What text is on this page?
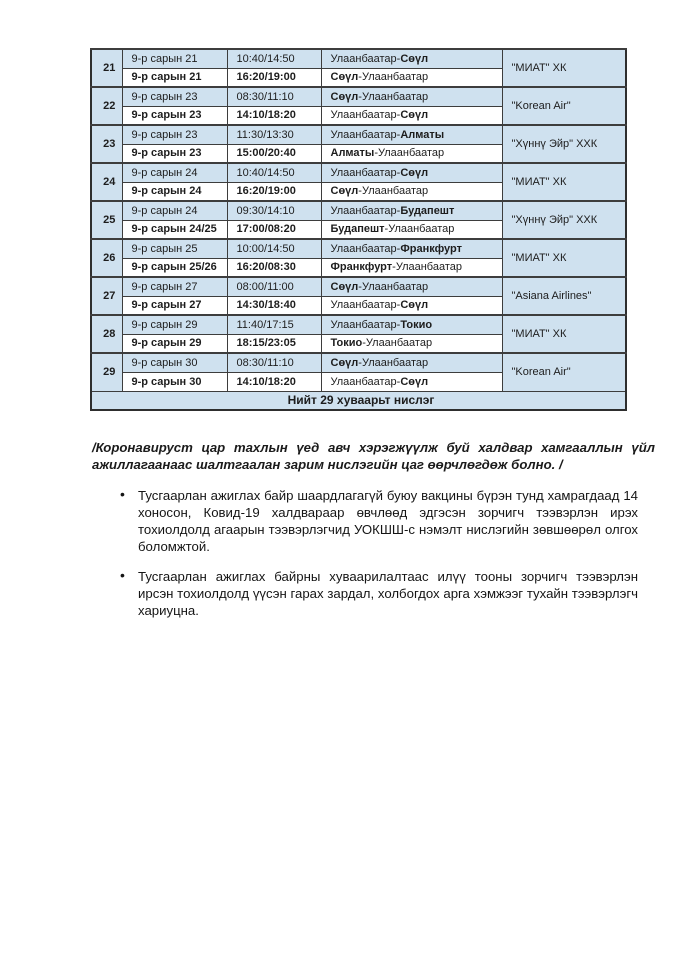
21	9-р сарын 21	10:40/14:50	Улаанбаатар-Сөүл	"МИАТ" ХК
	9-р сарын 21	16:20/19:00	Сөүл-Улаанбаатар	
22	9-р сарын 23	08:30/11:10	Сөүл-Улаанбаатар	"Korean Air"
	9-р сарын 23	14:10/18:20	Улаанбаатар-Сөүл	
23	9-р сарын 23	11:30/13:30	Улаанбаатар-Алматы	"Хүннү Эйр" ХХК
	9-р сарын 23	15:00/20:40	Алматы-Улаанбаатар	
24	9-р сарын 24	10:40/14:50	Улаанбаатар-Сөүл	"МИАТ" ХК
	9-р сарын 24	16:20/19:00	Сөүл-Улаанбаатар	
25	9-р сарын 24	09:30/14:10	Улаанбаатар-Будапешт	"Хүннү Эйр" ХХК
	9-р сарын 24/25	17:00/08:20	Будапешт-Улаанбаатар	
26	9-р сарын 25	10:00/14:50	Улаанбаатар-Франкфурт	"МИАТ" ХК
	9-р сарын 25/26	16:20/08:30	Франкфурт-Улаанбаатар	
27	9-р сарын 27	08:00/11:00	Сөүл-Улаанбаатар	"Asiana Airlines"
	9-р сарын 27	14:30/18:40	Улаанбаатар-Сөүл	
28	9-р сарын 29	11:40/17:15	Улаанбаатар-Токио	"МИАТ" ХК
	9-р сарын 29	18:15/23:05	Токио-Улаанбаатар	
29	9-р сарын 30	08:30/11:10	Сөүл-Улаанбаатар	"Korean Air"
	9-р сарын 30	14:10/18:20	Улаанбаатар-Сөүл	
Нийт 29 хуваарьт нислэг				

/Коронавируст цар тахлын үед авч хэрэгжүүлж буй халдвар хамгааллын үйл ажиллагаанаас шалтгаалан зарим нислэгийн цаг өөрчлөгдөж болно. /

• Тусгаарлан ажиглах байр шаардлагагүй буюу вакцины бүрэн тунд хамрагдаад 14 хоносон, Ковид-19 халдвараар өвчлөөд эдгэсэн зорчигч тээвэрлэн ирэх тохиолдолд агаарын тээвэрлэгчид УОКШШ-с нэмэлт нислэгийн зөвшөөрөл олгох боломжтой.
• Тусгаарлан ажиглах байрны хуваарилалтаас илүү тооны зорчигч тээвэрлэн ирсэн тохиолдолд үүсэн гарах зардал, холбогдох арга хэмжээг тухайн тээвэрлэгч хариуцна.
